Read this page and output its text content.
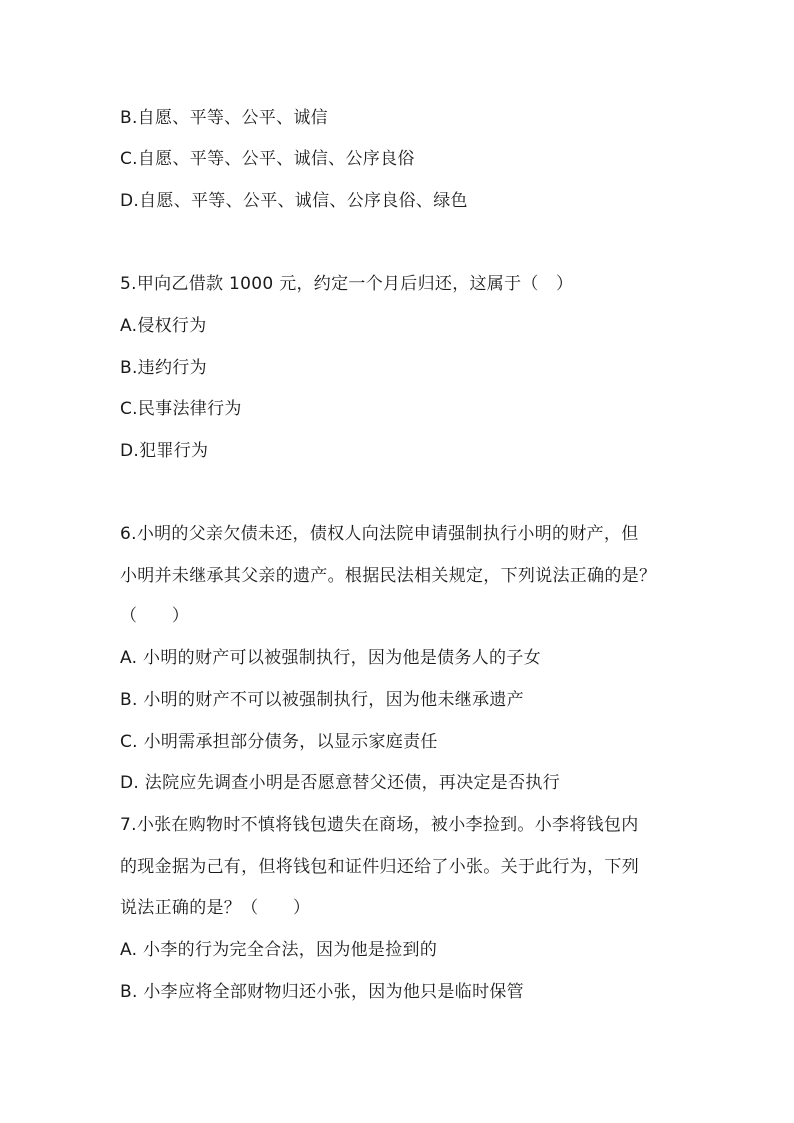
B.自愿、平等、公平、诚信
C.自愿、平等、公平、诚信、公序良俗
D.自愿、平等、公平、诚信、公序良俗、绿色
5.甲向乙借款 1000 元，约定一个月后归还，这属于（　）
A.侵权行为
B.违约行为
C.民事法律行为
D.犯罪行为
6.小明的父亲欠债未还，债权人向法院申请强制执行小明的财产，但
小明并未继承其父亲的遗产。根据民法相关规定，下列说法正确的是？
（　　）
A. 小明的财产可以被强制执行，因为他是债务人的子女
B. 小明的财产不可以被强制执行，因为他未继承遗产
C. 小明需承担部分债务，以显示家庭责任
D. 法院应先调查小明是否愿意替父还债，再决定是否执行
7.小张在购物时不慎将钱包遗失在商场，被小李捡到。小李将钱包内
的现金据为己有，但将钱包和证件归还给了小张。关于此行为，下列
说法正确的是？（　　）
A. 小李的行为完全合法，因为他是捡到的
B. 小李应将全部财物归还小张，因为他只是临时保管
